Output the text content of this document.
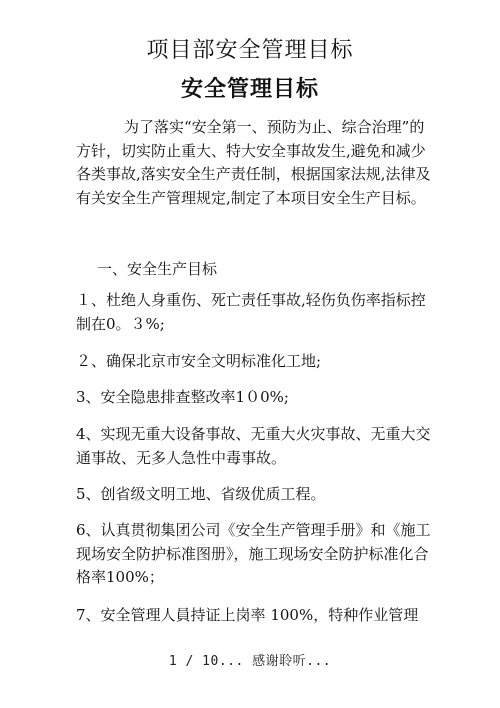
项目部安全管理目标
安全管理目标

为了落实“安全第一、预防为止、综合治理”的方针，切实防止重大、特大安全事故发生,避免和减少各类事故,落实安全生产责任制，根据国家法规,法律及有关安全生产管理规定,制定了本项目安全生产目标。

一、安全生产目标

１、杜绝人身重伤、死亡责任事故,轻伤负伤率指标控制在0。３%;

２、确保北京市安全文明标准化工地;

3、安全隐患排查整改率1０0%;

4、实现无重大设备事故、无重大火灾事故、无重大交通事故、无多人急性中毒事故。

5、创省级文明工地、省级优质工程。

6、认真贯彻集团公司《安全生产管理手册》和《施工现场安全防护标准图册》，施工现场安全防护标准化合格率100%；

7、安全管理人員持证上岗率 100%，特种作业管理

1 / 10... 感谢聆听...
